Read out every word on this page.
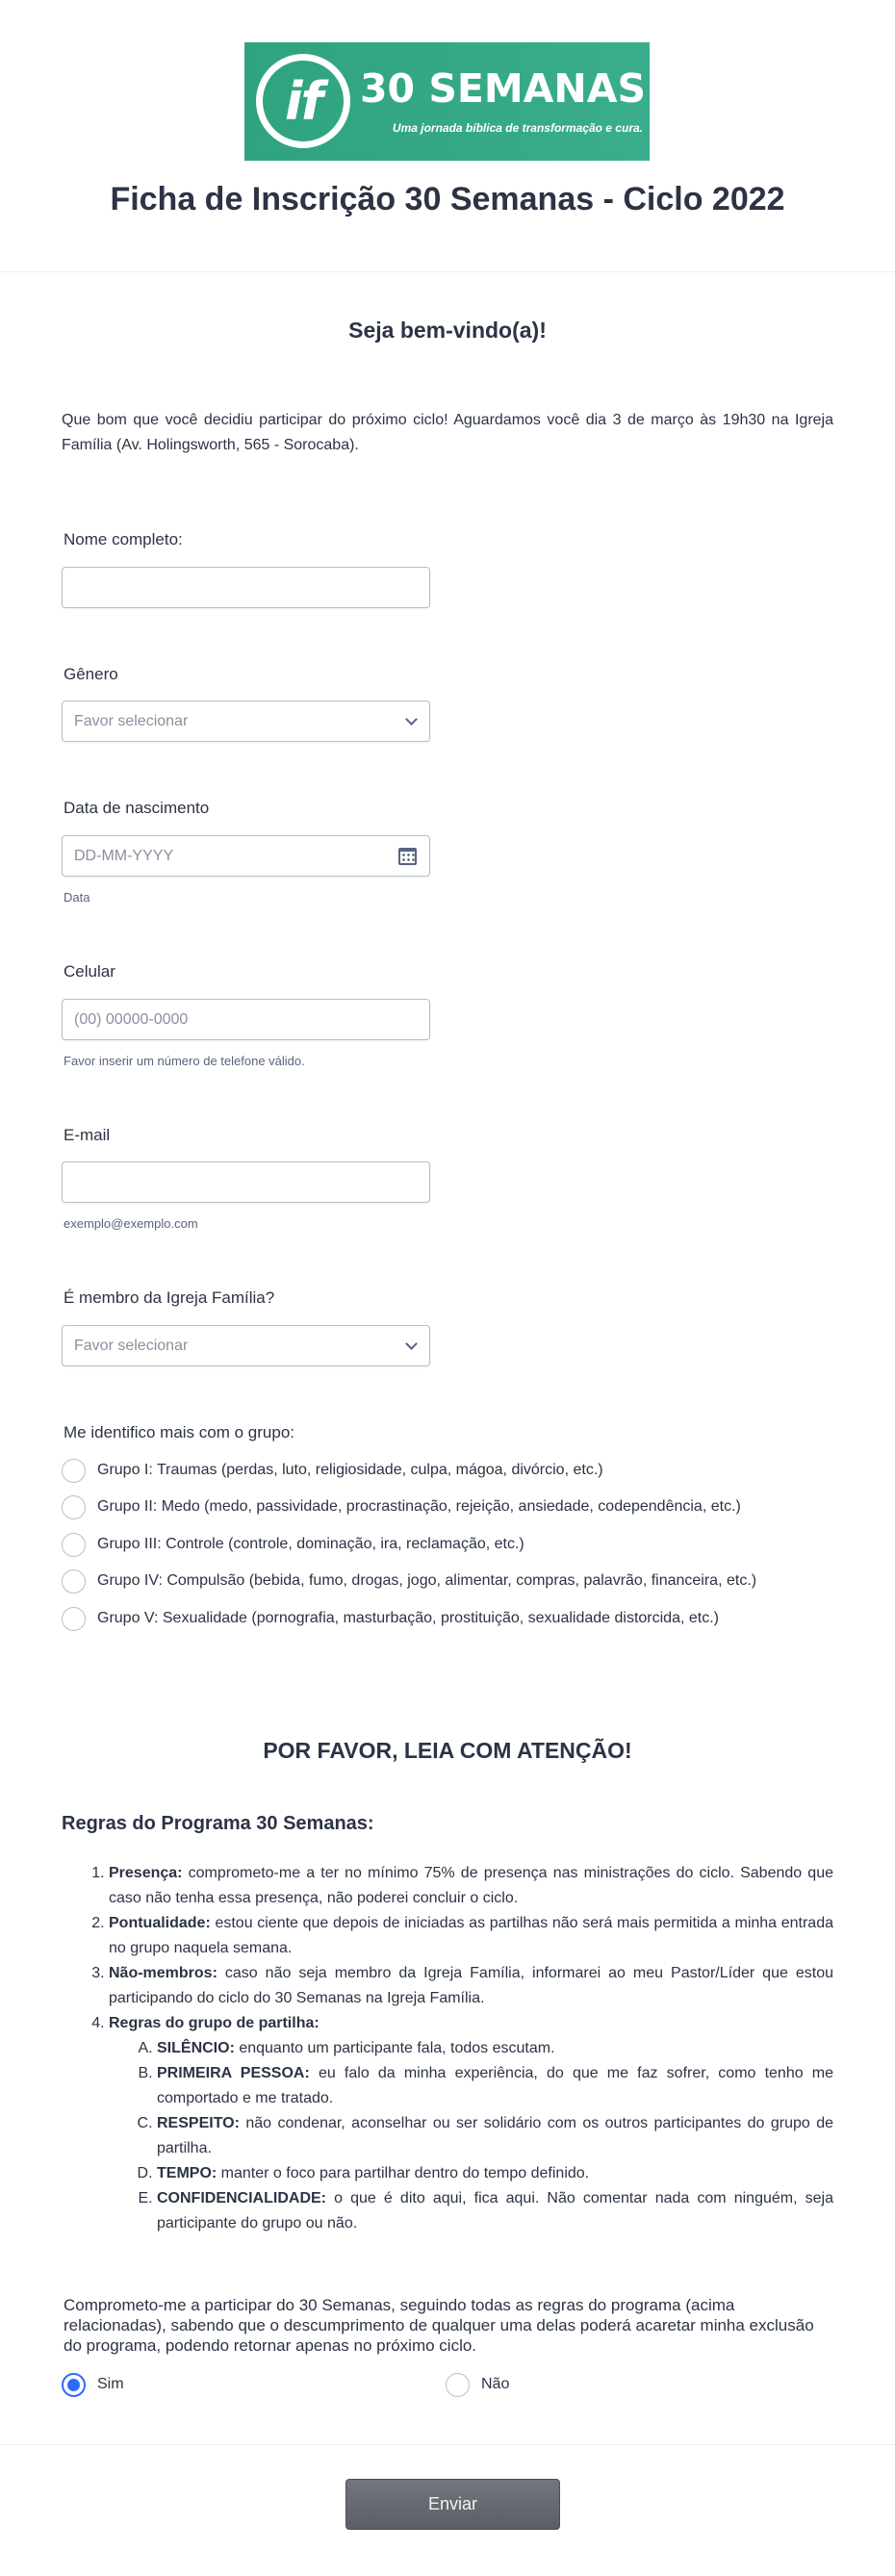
if 30 SEMANAS
Uma jornada bíblica de transformação e cura.
Ficha de Inscrição 30 Semanas - Ciclo 2022
Seja bem-vindo(a)!
Que bom que você decidiu participar do próximo ciclo! Aguardamos você dia 3 de março às 19h30 na Igreja Família (Av. Holingsworth, 565 - Sorocaba).
Nome completo:
Gênero
Favor selecionar
Data de nascimento
DD-MM-YYYY
Data
Celular
(00) 00000-0000
Favor inserir um número de telefone válido.
E-mail
exemplo@exemplo.com
É membro da Igreja Família?
Favor selecionar
Me identifico mais com o grupo:
Grupo I: Traumas (perdas, luto, religiosidade, culpa, mágoa, divórcio, etc.)
Grupo II: Medo (medo, passividade, procrastinação, rejeição, ansiedade, codependência, etc.)
Grupo III: Controle (controle, dominação, ira, reclamação, etc.)
Grupo IV: Compulsão (bebida, fumo, drogas, jogo, alimentar, compras, palavrão, financeira, etc.)
Grupo V: Sexualidade (pornografia, masturbação, prostituição, sexualidade distorcida, etc.)
POR FAVOR, LEIA COM ATENÇÃO!
Regras do Programa 30 Semanas:
1. Presença: comprometo-me a ter no mínimo 75% de presença nas ministrações do ciclo. Sabendo que caso não tenha essa presença, não poderei concluir o ciclo.
2. Pontualidade: estou ciente que depois de iniciadas as partilhas não será mais permitida a minha entrada no grupo naquela semana.
3. Não-membros: caso não seja membro da Igreja Família, informarei ao meu Pastor/Líder que estou participando do ciclo do 30 Semanas na Igreja Família.
4. Regras do grupo de partilha:
A. SILÊNCIO: enquanto um participante fala, todos escutam.
B. PRIMEIRA PESSOA: eu falo da minha experiência, do que me faz sofrer, como tenho me comportado e me tratado.
C. RESPEITO: não condenar, aconselhar ou ser solidário com os outros participantes do grupo de partilha.
D. TEMPO: manter o foco para partilhar dentro do tempo definido.
E. CONFIDENCIALIDADE: o que é dito aqui, fica aqui. Não comentar nada com ninguém, seja participante do grupo ou não.
Comprometo-me a participar do 30 Semanas, seguindo todas as regras do programa (acima relacionadas), sabendo que o descumprimento de qualquer uma delas poderá acaretar minha exclusão do programa, podendo retornar apenas no próximo ciclo.
Sim	Não
Enviar
